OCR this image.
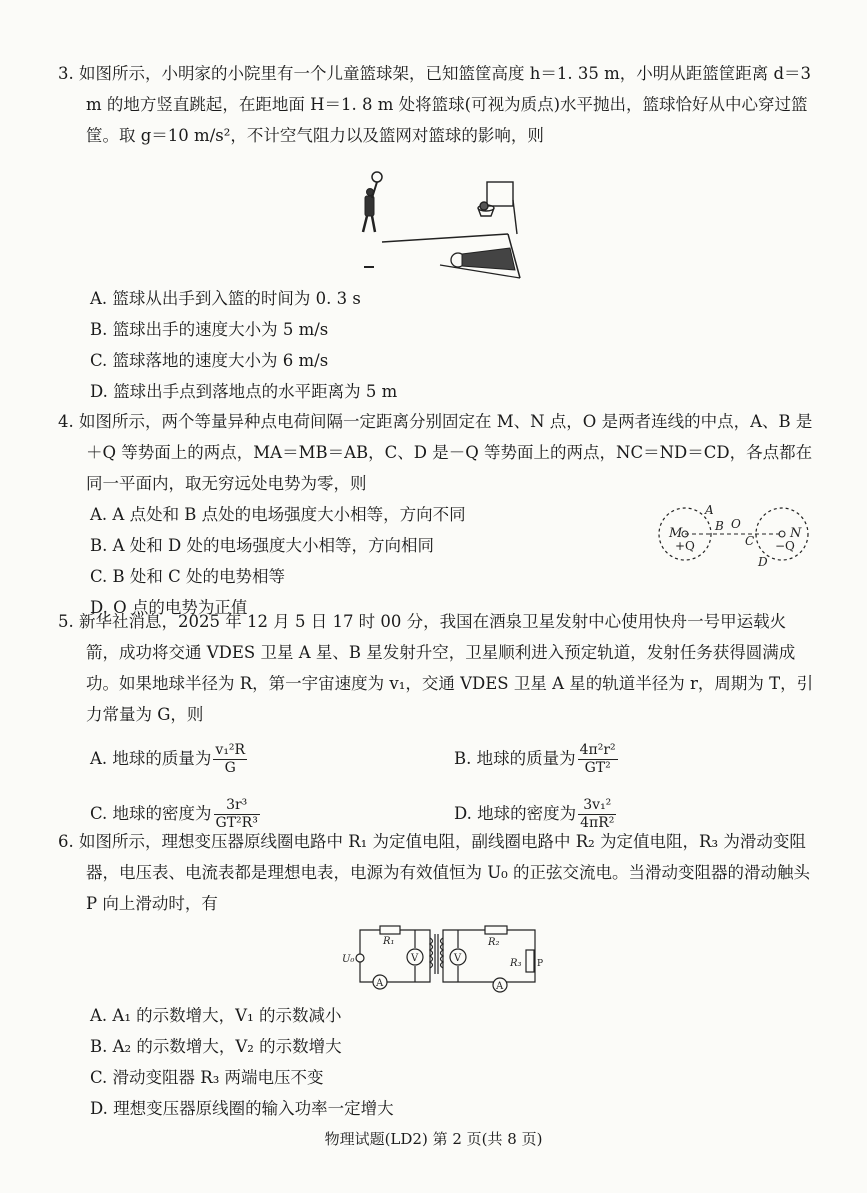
3. 如图所示，小明家的小院里有一个儿童篮球架，已知篮筐高度 h＝1. 35 m，小明从距篮筐距离 d＝3 m 的地方竖直跳起，在距地面 H＝1. 8 m 处将篮球(可视为质点)水平抛出，篮球恰好从中心穿过篮筐。取 g＝10 m/s²，不计空气阻力以及篮网对篮球的影响，则

A. 篮球从出手到入篮的时间为 0. 3 s

B. 篮球出手的速度大小为 5 m/s

C. 篮球落地的速度大小为 6 m/s

D. 篮球出手点到落地点的水平距离为 5 m

4. 如图所示，两个等量异种点电荷间隔一定距离分别固定在 M、N 点，O 是两者连线的中点，A、B 是＋Q 等势面上的两点，MA＝MB＝AB，C、D 是－Q 等势面上的两点，NC＝ND＝CD，各点都在同一平面内，取无穷远处电势为零，则

A. A 点处和 B 点处的电场强度大小相等，方向不同

B. A 处和 D 处的电场强度大小相等，方向相同

C. B 处和 C 处的电势相等

D. O 点的电势为正值

M
+Q
A
B O
C
D
N
−Q

5. 新华社消息，2025 年 12 月 5 日 17 时 00 分，我国在酒泉卫星发射中心使用快舟一号甲运载火箭，成功将交通 VDES 卫星 A 星、B 星发射升空，卫星顺利进入预定轨道，发射任务获得圆满成功。如果地球半径为 R，第一宇宙速度为 v₁，交通 VDES 卫星 A 星的轨道半径为 r，周期为 T，引力常量为 G，则

A. 地球的质量为 $\frac{\text{v₁²R}}{G}$	B. 地球的质量为 $\frac{\text{4π²r²}}{\text{GT²}}$
C. 地球的密度为 $\frac{\text{3r³}}{\text{GT²R³}}$	D. 地球的密度为 $\frac{\text{3v₁²}}{\text{4πR²}}$

6. 如图所示，理想变压器原线圈电路中 R₁ 为定值电阻，副线圈电路中 R₂ 为定值电阻，R₃ 为滑动变阻器，电压表、电流表都是理想电表，电源为有效值恒为 U₀ 的正弦交流电。当滑动变阻器的滑动触头 P 向上滑动时，有

U₀
R₁
V
A
V
R₂
R₃ P
A

A. A₁ 的示数增大，V₁ 的示数减小

B. A₂ 的示数增大，V₂ 的示数增大

C. 滑动变阻器 R₃ 两端电压不变

D. 理想变压器原线圈的输入功率一定增大

物理试题(LD2) 第 2 页(共 8 页)
